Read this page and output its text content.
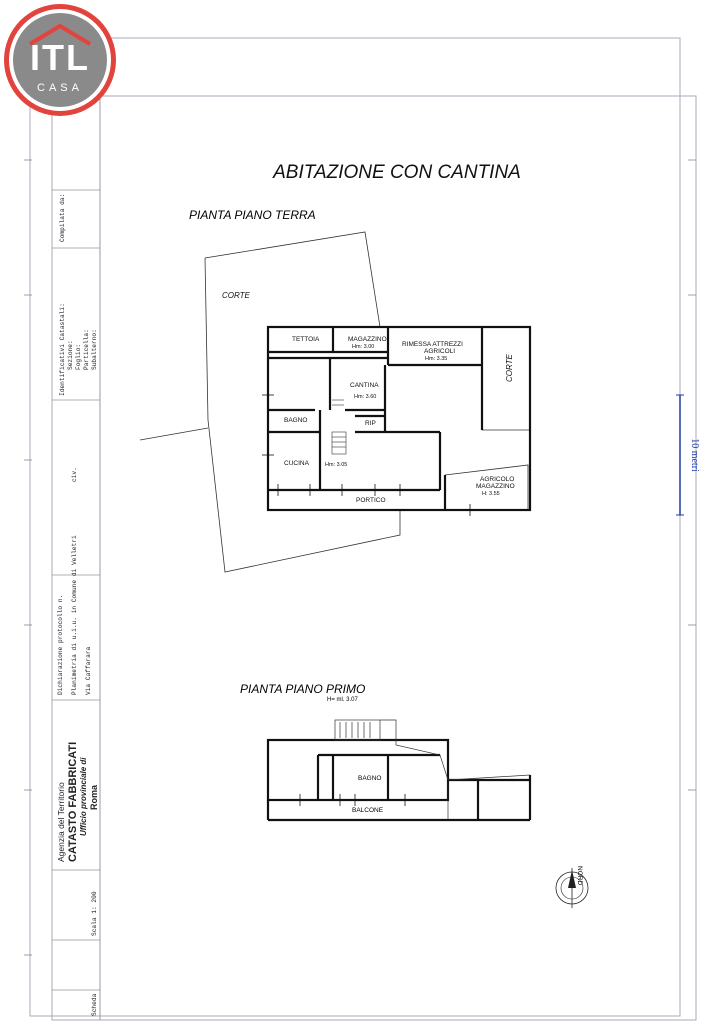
10 metri
ABITAZIONE CON CANTINA
PIANTA PIANO TERRA
CORTE
CORTE
TETTOIA	MAGAZZINO
Hm: 3.00	RIMESSA ATTREZZI
AGRICOLI
Hm: 3.35
CANTINA
Hm: 3.60
BAGNO	RIP
CUCINA	Hm: 3.05
AGRICOLO
MAGAZZINO
H: 3.55
PORTICO
PIANTA PIANO PRIMO
H= ml. 3.07
BAGNO
BALCONE
NORD
Compilata da:
Identificativi Catastali: Sezione: Foglio: Particella: Subalterno:
Dichiarazione protocollo n. Planimetria di u.i.u. in Comune di Velletri
civ.
Via Caffarara
Agenzia del Territorio CATASTO FABBRICATI Ufficio provinciale di Roma
Scala 1: 200
Scheda
ITL
CASA
